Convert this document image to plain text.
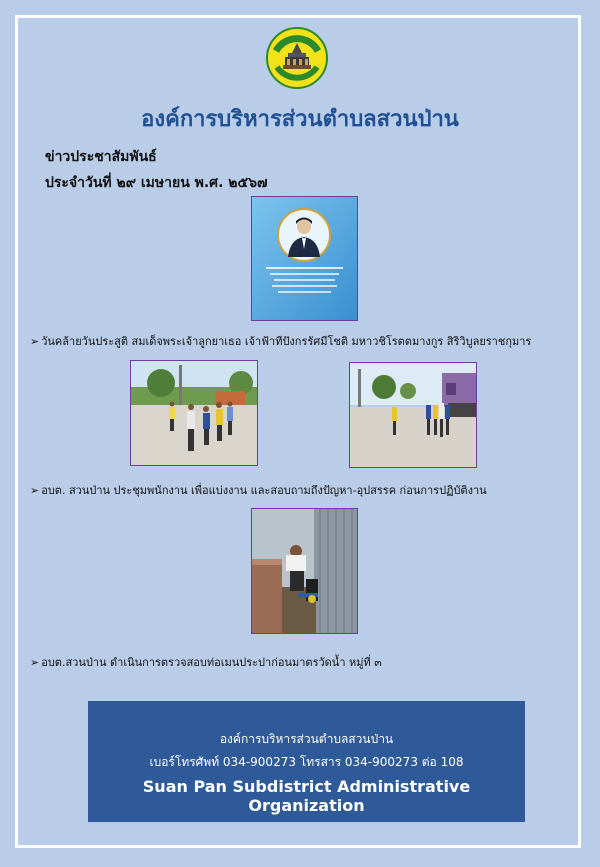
องค์การบริหารส่วนตำบลสวนป่าน
ข่าวประชาสัมพันธ์
ประจำวันที่ ๒๙ เมษายน พ.ศ. ๒๕๖๗
➢ วันคล้ายวันประสูติ สมเด็จพระเจ้าลูกยาเธอ เจ้าฟ้าทีปังกรรัศมีโชติ มหาวชิโรตตมางกูร สิริวิบูลยราชกุมาร
➢ อบต. สวนป่าน ประชุมพนักงาน เพื่อแบ่งงาน และสอบถามถึงปัญหา-อุปสรรค ก่อนการปฏิบัติงาน
➢ อบต.สวนป่าน ดำเนินการตรวจสอบท่อเมนประปาก่อนมาตรวัดน้ำ หมู่ที่ ๓
องค์การบริหารส่วนตำบลสวนป่าน
เบอร์โทรศัพท์ 034-900273 โทรสาร 034-900273 ต่อ 108
Suan Pan Subdistrict Administrative Organization
